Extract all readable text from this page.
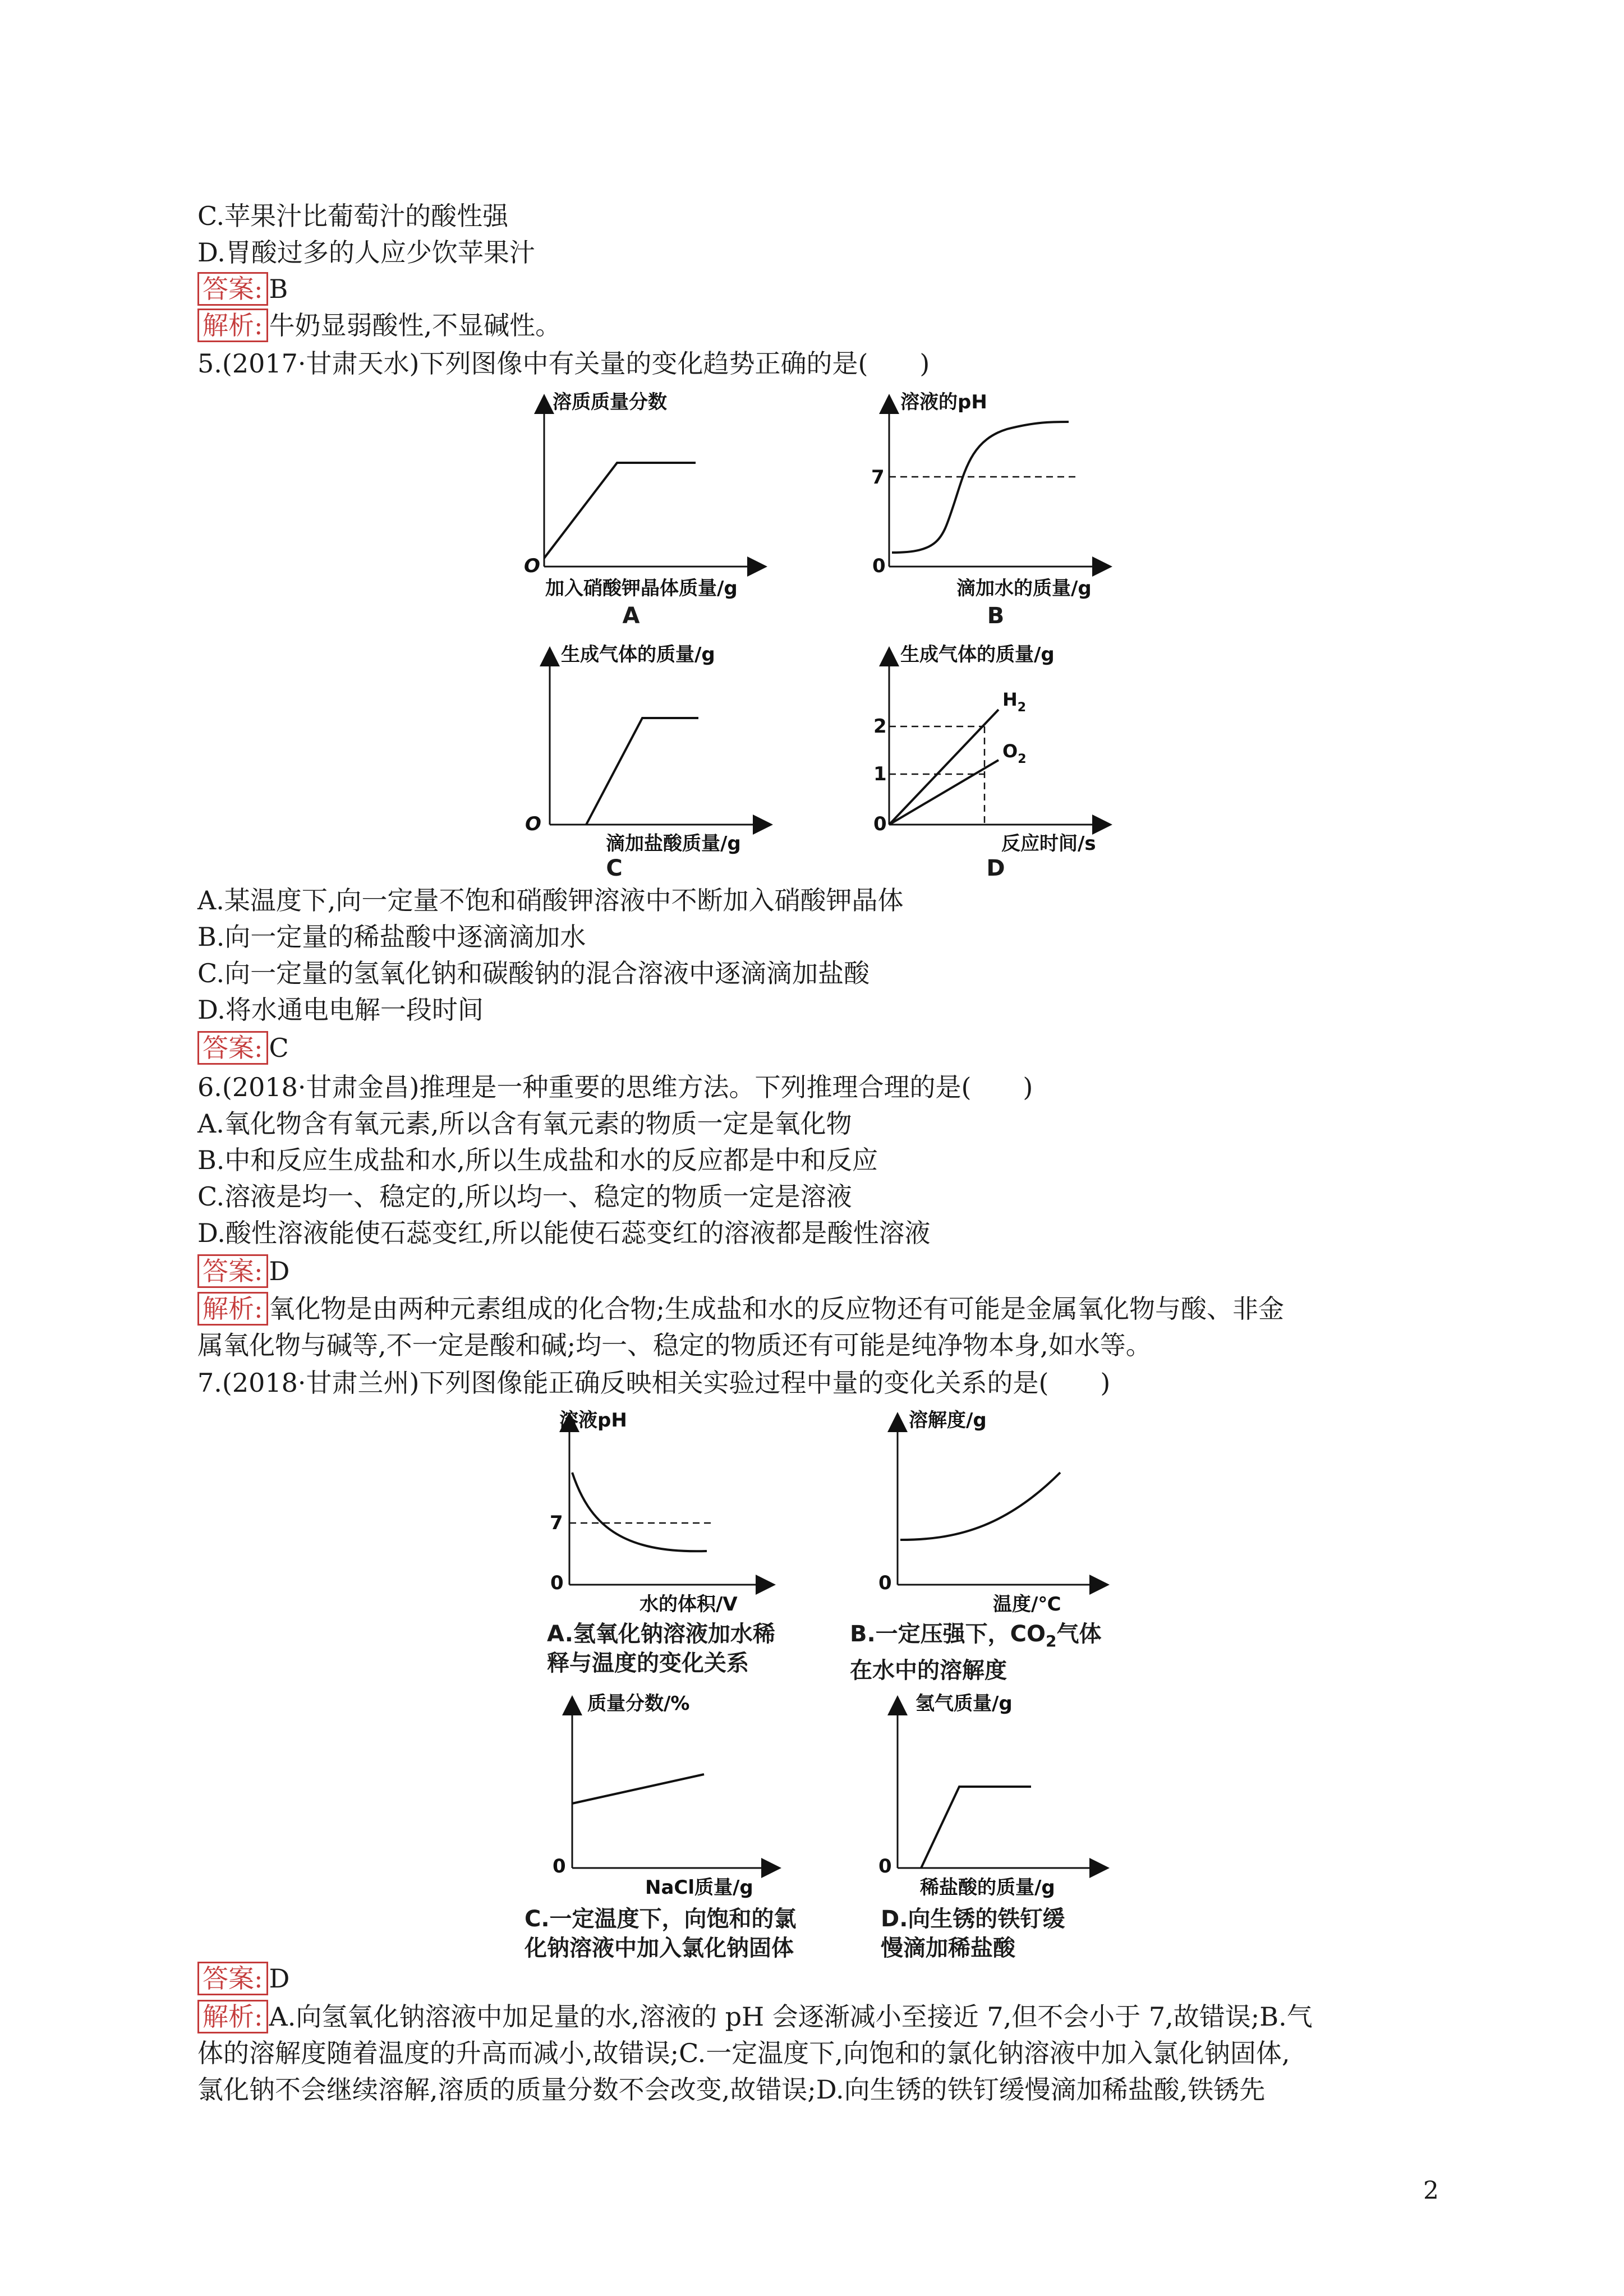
C.苹果汁比葡萄汁的酸性强
D.胃酸过多的人应少饮苹果汁
答案: B
解析: 牛奶显弱酸性,不显碱性。
5.(2017·甘肃天水)下列图像中有关量的变化趋势正确的是(　　)
溶质质量分数
O
加入硝酸钾晶体质量/g
A
溶液的pH
7
0
滴加水的质量/g
B
生成气体的质量/g
O
滴加盐酸质量/g
C
生成气体的质量/g
2
1
0
$H_2$
$O_2$
反应时间/s
D
A.某温度下,向一定量不饱和硝酸钾溶液中不断加入硝酸钾晶体
B.向一定量的稀盐酸中逐滴滴加水
C.向一定量的氢氧化钠和碳酸钠的混合溶液中逐滴滴加盐酸
D.将水通电电解一段时间
答案: C
6.(2018·甘肃金昌)推理是一种重要的思维方法。下列推理合理的是(　　)
A.氧化物含有氧元素,所以含有氧元素的物质一定是氧化物
B.中和反应生成盐和水,所以生成盐和水的反应都是中和反应
C.溶液是均一、稳定的,所以均一、稳定的物质一定是溶液
D.酸性溶液能使石蕊变红,所以能使石蕊变红的溶液都是酸性溶液
答案: D
解析: 氧化物是由两种元素组成的化合物;生成盐和水的反应物还有可能是金属氧化物与酸、非金
属氧化物与碱等,不一定是酸和碱;均一、稳定的物质还有可能是纯净物本身,如水等。
7.(2018·甘肃兰州)下列图像能正确反映相关实验过程中量的变化关系的是(　　)
溶液pH
7
0
水的体积/V
A.氢氧化钠溶液加水稀
释与温度的变化关系
溶解度/g
0
温度/℃
B.一定压强下，$CO_2$气体
在水中的溶解度
质量分数/%
0
NaCl质量/g
C.一定温度下，向饱和的氯
化钠溶液中加入氯化钠固体
氢气质量/g
0
稀盐酸的质量/g
D.向生锈的铁钉缓
慢滴加稀盐酸
答案: D
解析: A.向氢氧化钠溶液中加足量的水,溶液的 pH 会逐渐减小至接近 7,但不会小于 7,故错误;B.气
体的溶解度随着温度的升高而减小,故错误;C.一定温度下,向饱和的氯化钠溶液中加入氯化钠固体,
氯化钠不会继续溶解,溶质的质量分数不会改变,故错误;D.向生锈的铁钉缓慢滴加稀盐酸,铁锈先
2
